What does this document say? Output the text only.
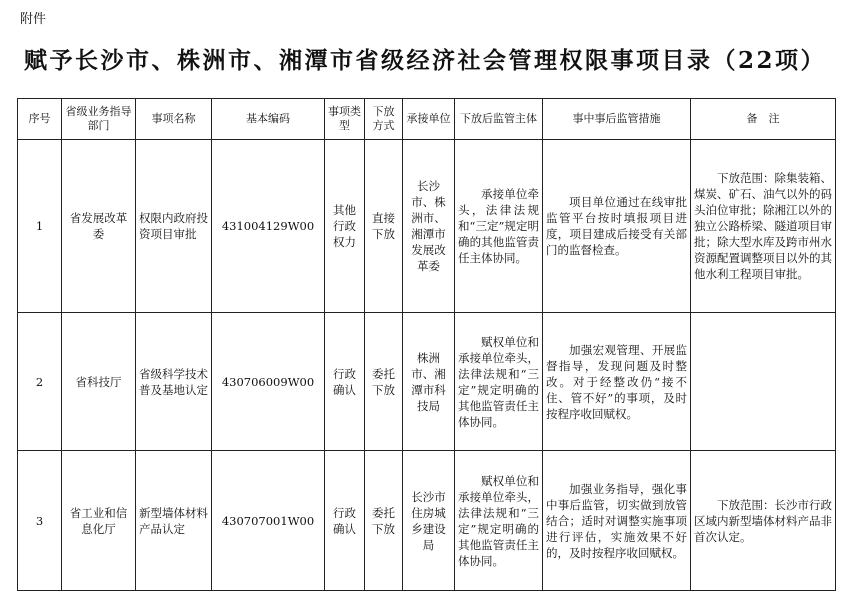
附件
赋予长沙市、株洲市、湘潭市省级经济社会管理权限事项目录（22项）
序号	省级业务指导部门	事项名称	基本编码	事项类型	下放方式	承接单位	下放后监管主体	事中事后监管措施	备　注
1	省发展改革委	权限内政府投资项目审批	431004129W00	其他行政权力	直接下放	长沙市、株洲市、湘潭市发展改革委	承接单位牵头，法律法规和“三定”规定明确的其他监管责任主体协同。	项目单位通过在线审批监管平台按时填报项目进度，项目建成后接受有关部门的监督检查。	下放范围：除集装箱、煤炭、矿石、油气以外的码头泊位审批；除湘江以外的独立公路桥梁、隧道项目审批；除大型水库及跨市州水资源配置调整项目以外的其他水利工程项目审批。
2	省科技厅	省级科学技术普及基地认定	430706009W00	行政确认	委托下放	株洲市、湘潭市科技局	赋权单位和承接单位牵头，法律法规和“三定”规定明确的其他监管责任主体协同。	加强宏观管理、开展监督指导，发现问题及时整改。对于经整改仍“接不住、管不好”的事项，及时按程序收回赋权。	
3	省工业和信息化厅	新型墙体材料产品认定	430707001W00	行政确认	委托下放	长沙市住房城乡建设局	赋权单位和承接单位牵头，法律法规和“三定”规定明确的其他监管责任主体协同。	加强业务指导，强化事中事后监管，切实做到放管结合；适时对调整实施事项进行评估，实施效果不好的，及时按程序收回赋权。	下放范围：长沙市行政区域内新型墙体材料产品非首次认定。
